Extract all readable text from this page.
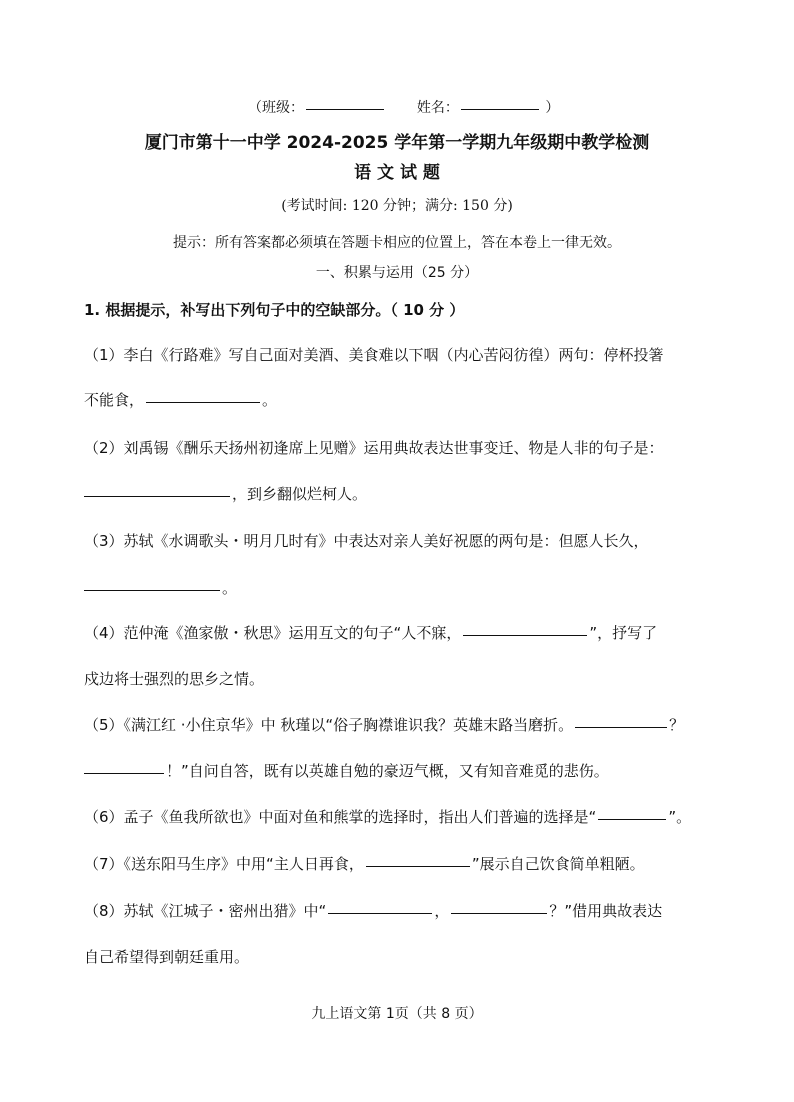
（班级：	姓名：	）
厦门市第十一中学 2024-2025 学年第一学期九年级期中教学检测
语 文 试 题
(考试时间: 120 分钟；满分: 150 分)
提示：所有答案都必须填在答题卡相应的位置上，答在本卷上一律无效。
一、积累与运用（25 分）
1. 根据提示，补写出下列句子中的空缺部分。（ 10 分 ）
（1）李白《行路难》写自己面对美酒、美食难以下咽（内心苦闷彷徨）两句：停杯投箸
不能食，	。
（2）刘禹锡《酬乐天扬州初逢席上见赠》运用典故表达世事变迁、物是人非的句子是：
，到乡翻似烂柯人。
（3）苏轼《水调歌头・明月几时有》中表达对亲人美好祝愿的两句是：但愿人长久，
。
（4）范仲淹《渔家傲・秋思》运用互文的句子“人不寐，	”，抒写了
戍边将士强烈的思乡之情。
（5）《满江红 ·小住京华》中 秋瑾以“俗子胸襟谁识我？英雄末路当磨折。	？
！”自问自答，既有以英雄自勉的豪迈气概，又有知音难觅的悲伤。
（6）孟子《鱼我所欲也》中面对鱼和熊掌的选择时，指出人们普遍的选择是“	”。
（7）《送东阳马生序》中用“主人日再食，	”展示自己饮食简单粗陋。
（8）苏轼《江城子・密州出猎》中“	，	？”借用典故表达
自己希望得到朝廷重用。
九上语文第 1页（共 8 页）
